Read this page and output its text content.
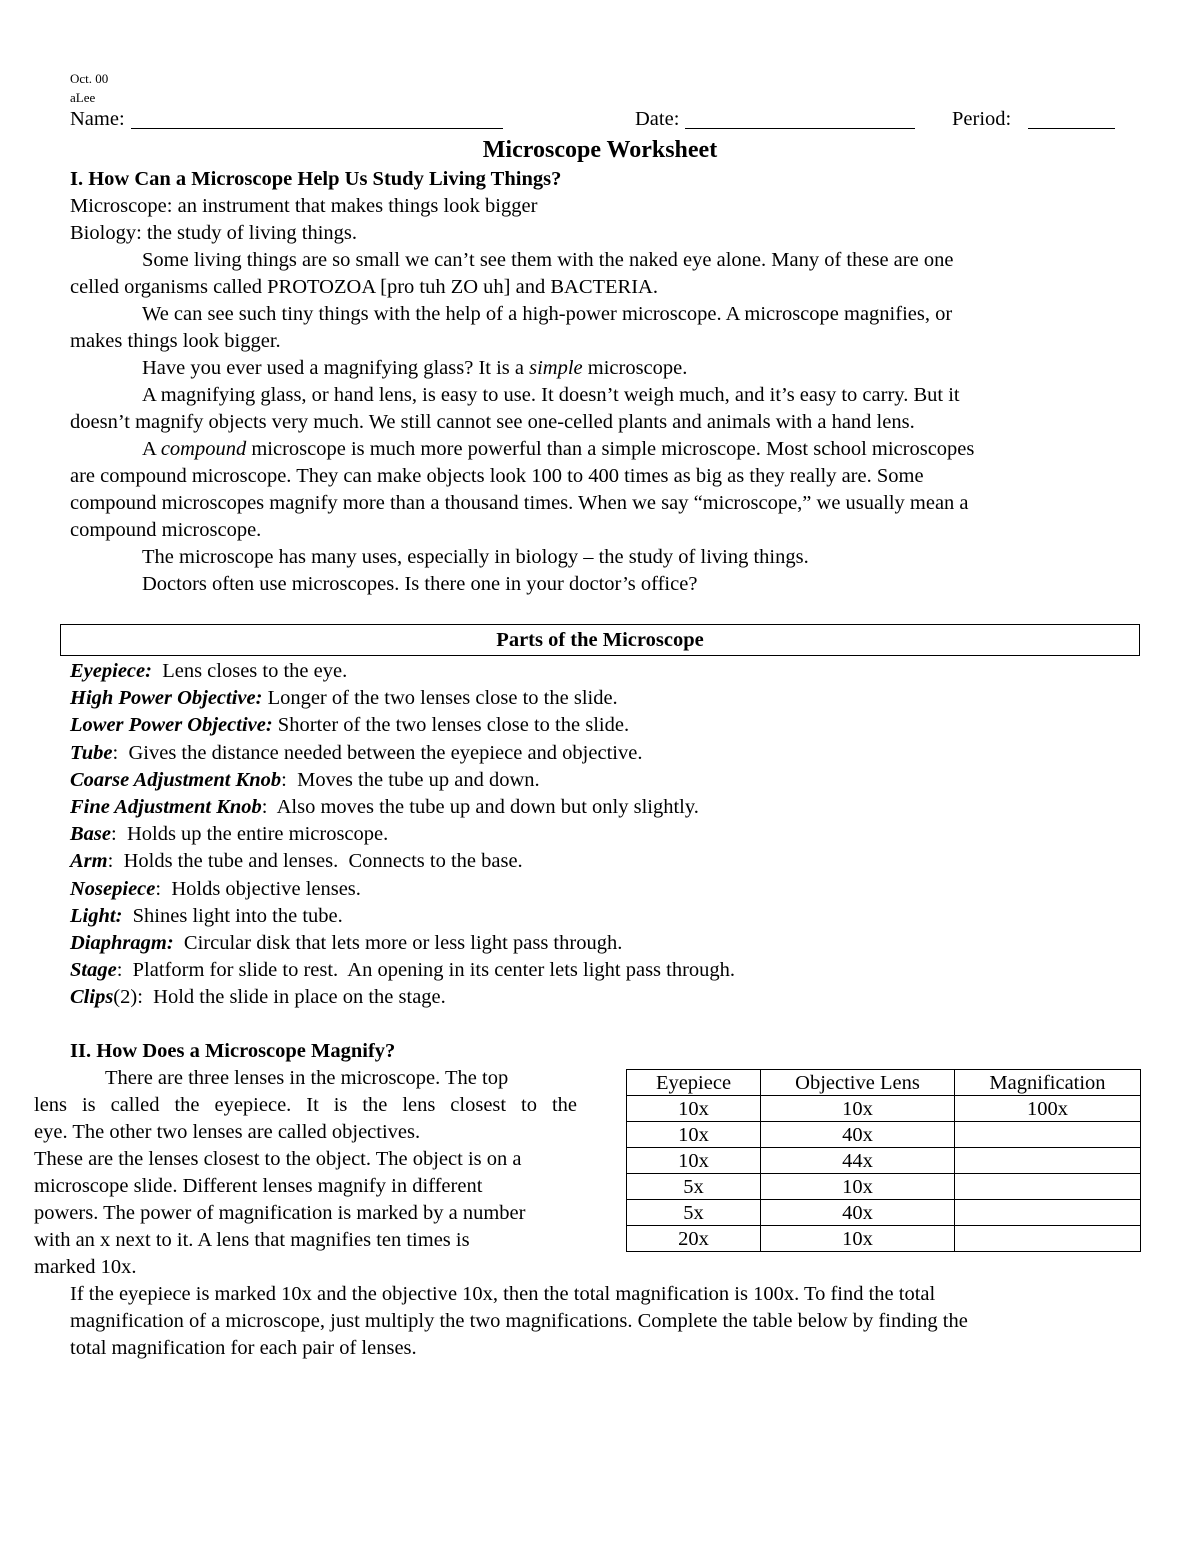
Oct. 00
aLee
Name:	Date:	Period:
Microscope Worksheet
I. How Can a Microscope Help Us Study Living Things?
Microscope: an instrument that makes things look bigger
Biology: the study of living things.
Some living things are so small we can’t see them with the naked eye alone. Many of these are one
celled organisms called PROTOZOA [pro tuh ZO uh] and BACTERIA.
We can see such tiny things with the help of a high-power microscope. A microscope magnifies, or
makes things look bigger.
Have you ever used a magnifying glass? It is a simple microscope.
A magnifying glass, or hand lens, is easy to use. It doesn’t weigh much, and it’s easy to carry. But it
doesn’t magnify objects very much. We still cannot see one-celled plants and animals with a hand lens.
A compound microscope is much more powerful than a simple microscope. Most school microscopes
are compound microscope. They can make objects look 100 to 400 times as big as they really are. Some
compound microscopes magnify more than a thousand times. When we say “microscope,” we usually mean a
compound microscope.
The microscope has many uses, especially in biology – the study of living things.
Doctors often use microscopes. Is there one in your doctor’s office?
Parts of the Microscope
Eyepiece:  Lens closes to the eye.
High Power Objective: Longer of the two lenses close to the slide.
Lower Power Objective: Shorter of the two lenses close to the slide.
Tube:  Gives the distance needed between the eyepiece and objective.
Coarse Adjustment Knob:  Moves the tube up and down.
Fine Adjustment Knob:  Also moves the tube up and down but only slightly.
Base:  Holds up the entire microscope.
Arm:  Holds the tube and lenses.  Connects to the base.
Nosepiece:  Holds objective lenses.
Light:  Shines light into the tube.
Diaphragm:  Circular disk that lets more or less light pass through.
Stage:  Platform for slide to rest.  An opening in its center lets light pass through.
Clips(2):  Hold the slide in place on the stage.
II. How Does a Microscope Magnify?
There are three lenses in the microscope. The top
lens is called the eyepiece. It is the lens closest to the
eye. The other two lenses are called objectives.
These are the lenses closest to the object. The object is on a
microscope slide. Different lenses magnify in different
powers. The power of magnification is marked by a number
with an x next to it. A lens that magnifies ten times is
marked 10x.
Eyepiece	Objective Lens	Magnification
10x	10x	100x
10x	40x	
10x	44x	
5x	10x	
5x	40x	
20x	10x	
If the eyepiece is marked 10x and the objective 10x, then the total magnification is 100x. To find the total
magnification of a microscope, just multiply the two magnifications. Complete the table below by finding the
total magnification for each pair of lenses.
